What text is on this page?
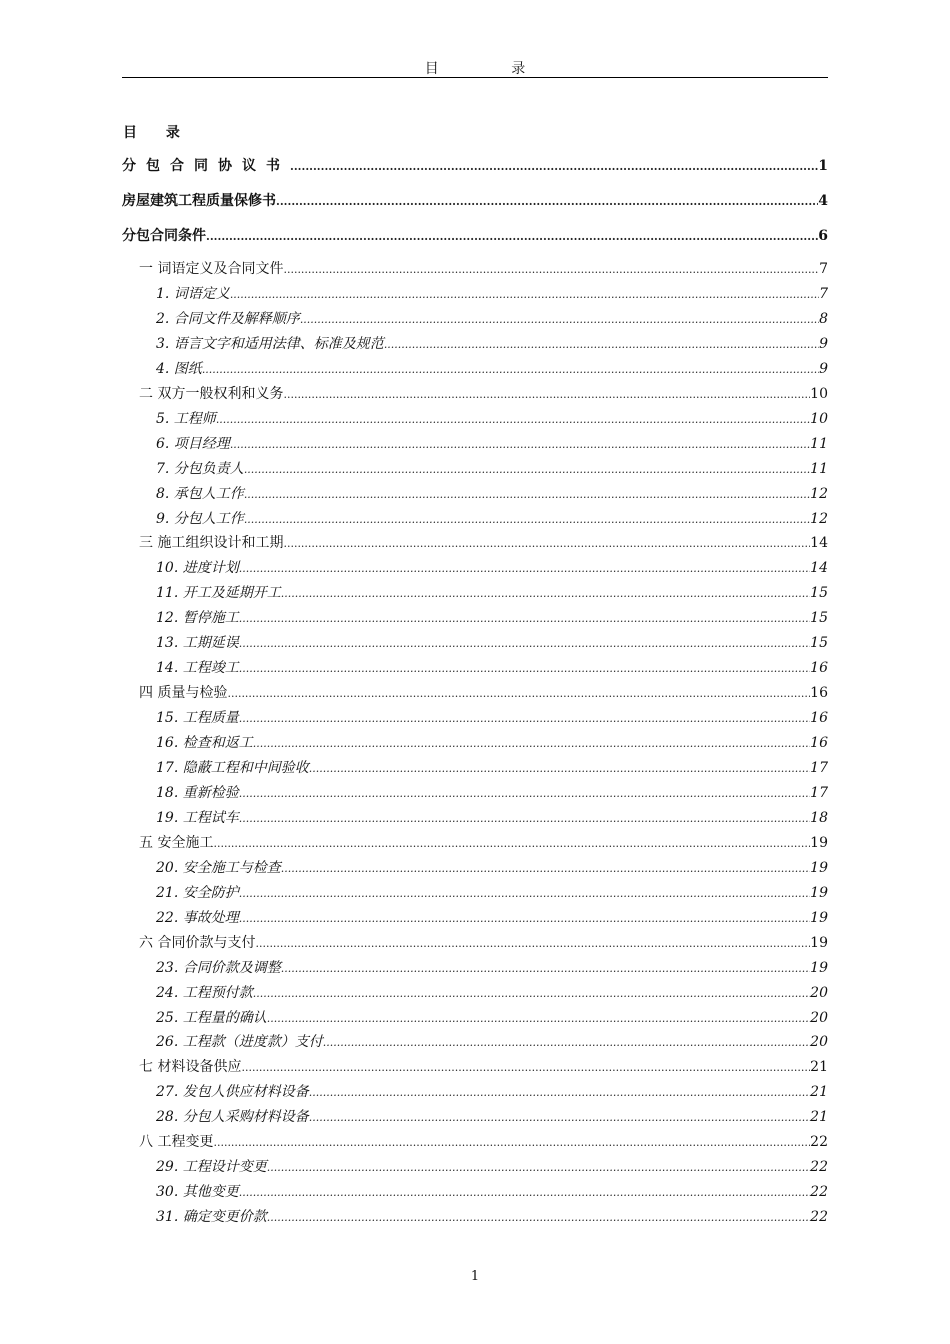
目 录
目 录
分包合同协议书 .....	1
房屋建筑工程质量保修书 .....	4
分包合同条件 .....	6
一 词语定义及合同文件 .....	7
1. 词语定义 .....	7
2. 合同文件及解释顺序 .....	8
3. 语言文字和适用法律、标准及规范 .....	9
4. 图纸 .....	9
二 双方一般权利和义务 .....	10
5. 工程师 .....	10
6. 项目经理 .....	11
7. 分包负责人 .....	11
8. 承包人工作 .....	12
9. 分包人工作 .....	12
三 施工组织设计和工期 .....	14
10. 进度计划 .....	14
11. 开工及延期开工 .....	15
12. 暂停施工 .....	15
13. 工期延误 .....	15
14. 工程竣工 .....	16
四 质量与检验 .....	16
15. 工程质量 .....	16
16. 检查和返工 .....	16
17. 隐蔽工程和中间验收 .....	17
18. 重新检验 .....	17
19. 工程试车 .....	18
五 安全施工 .....	19
20. 安全施工与检查 .....	19
21. 安全防护 .....	19
22. 事故处理 .....	19
六 合同价款与支付 .....	19
23. 合同价款及调整 .....	19
24. 工程预付款 .....	20
25. 工程量的确认 .....	20
26. 工程款（进度款）支付 .....	20
七 材料设备供应 .....	21
27. 发包人供应材料设备 .....	21
28. 分包人采购材料设备 .....	21
八 工程变更 .....	22
29. 工程设计变更 .....	22
30. 其他变更 .....	22
31. 确定变更价款 .....	22
1
